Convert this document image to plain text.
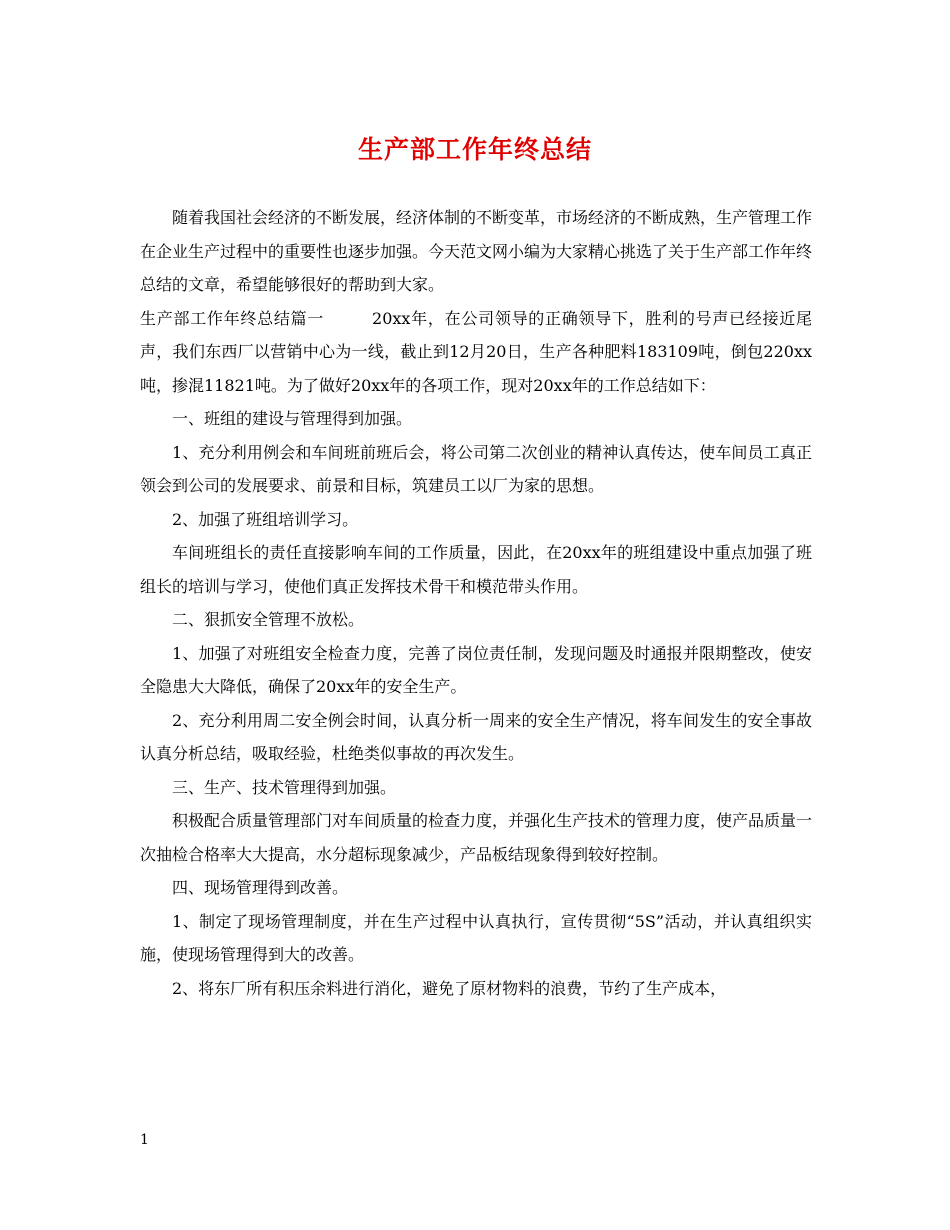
生产部工作年终总结

随着我国社会经济的不断发展，经济体制的不断变革，市场经济的不断成熟，生产管理工作在企业生产过程中的重要性也逐步加强。今天范文网小编为大家精心挑选了关于生产部工作年终总结的文章，希望能够很好的帮助到大家。

生产部工作年终总结篇一	20xx年，在公司领导的正确领导下，胜利的号声已经接近尾声，我们东西厂以营销中心为一线，截止到12月20日，生产各种肥料183109吨，倒包220xx吨，掺混11821吨。为了做好20xx年的各项工作，现对20xx年的工作总结如下：

一、班组的建设与管理得到加强。

1、充分利用例会和车间班前班后会，将公司第二次创业的精神认真传达，使车间员工真正领会到公司的发展要求、前景和目标，筑建员工以厂为家的思想。

2、加强了班组培训学习。

车间班组长的责任直接影响车间的工作质量，因此，在20xx年的班组建设中重点加强了班组长的培训与学习，使他们真正发挥技术骨干和模范带头作用。

二、狠抓安全管理不放松。

1、加强了对班组安全检查力度，完善了岗位责任制，发现问题及时通报并限期整改，使安全隐患大大降低，确保了20xx年的安全生产。

2、充分利用周二安全例会时间，认真分析一周来的安全生产情况，将车间发生的安全事故认真分析总结，吸取经验，杜绝类似事故的再次发生。

三、生产、技术管理得到加强。

积极配合质量管理部门对车间质量的检查力度，并强化生产技术的管理力度，使产品质量一次抽检合格率大大提高，水分超标现象减少，产品板结现象得到较好控制。

四、现场管理得到改善。

1、制定了现场管理制度，并在生产过程中认真执行，宣传贯彻“5S”活动，并认真组织实施，使现场管理得到大的改善。

2、将东厂所有积压余料进行消化，避免了原材物料的浪费，节约了生产成本，

1
